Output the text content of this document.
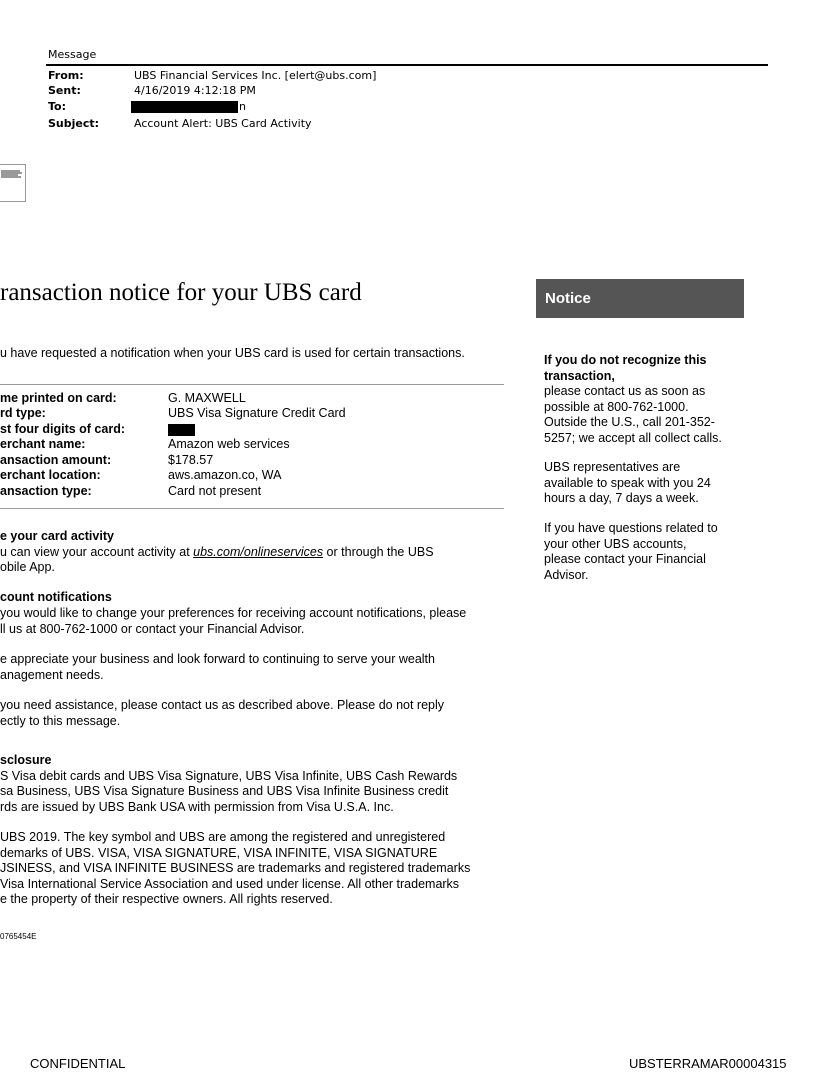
Message
From:	UBS Financial Services Inc. [elert@ubs.com]
Sent:	4/16/2019 4:12:18 PM
To:	n
Subject:	Account Alert: UBS Card Activity
ransaction notice for your UBS card	Notice
If you do not recognize this
transaction,
please contact us as soon as
possible at 800-762-1000.
Outside the U.S., call 201-352-
5257; we accept all collect calls.
UBS representatives are
available to speak with you 24
hours a day, 7 days a week.
If you have questions related to
your other UBS accounts,
please contact your Financial
Advisor.
u have requested a notification when your UBS card is used for certain transactions.
me printed on card:	G. MAXWELL
rd type:	UBS Visa Signature Credit Card
st four digits of card:
erchant name:	Amazon web services
ansaction amount:	$178.57
erchant location:	aws.amazon.co, WA
ansaction type:	Card not present
e your card activity
u can view your account activity at ubs.com/onlineservices or through the UBS
obile App.
count notifications
you would like to change your preferences for receiving account notifications, please
ll us at 800-762-1000 or contact your Financial Advisor.
e appreciate your business and look forward to continuing to serve your wealth
anagement needs.
you need assistance, please contact us as described above. Please do not reply
ectly to this message.
sclosure
S Visa debit cards and UBS Visa Signature, UBS Visa Infinite, UBS Cash Rewards
sa Business, UBS Visa Signature Business and UBS Visa Infinite Business credit
rds are issued by UBS Bank USA with permission from Visa U.S.A. Inc.
UBS 2019. The key symbol and UBS are among the registered and unregistered
demarks of UBS. VISA, VISA SIGNATURE, VISA INFINITE, VISA SIGNATURE
JSINESS, and VISA INFINITE BUSINESS are trademarks and registered trademarks
Visa International Service Association and used under license. All other trademarks
e the property of their respective owners. All rights reserved.
0765454E
CONFIDENTIAL	UBSTERRAMAR00004315
